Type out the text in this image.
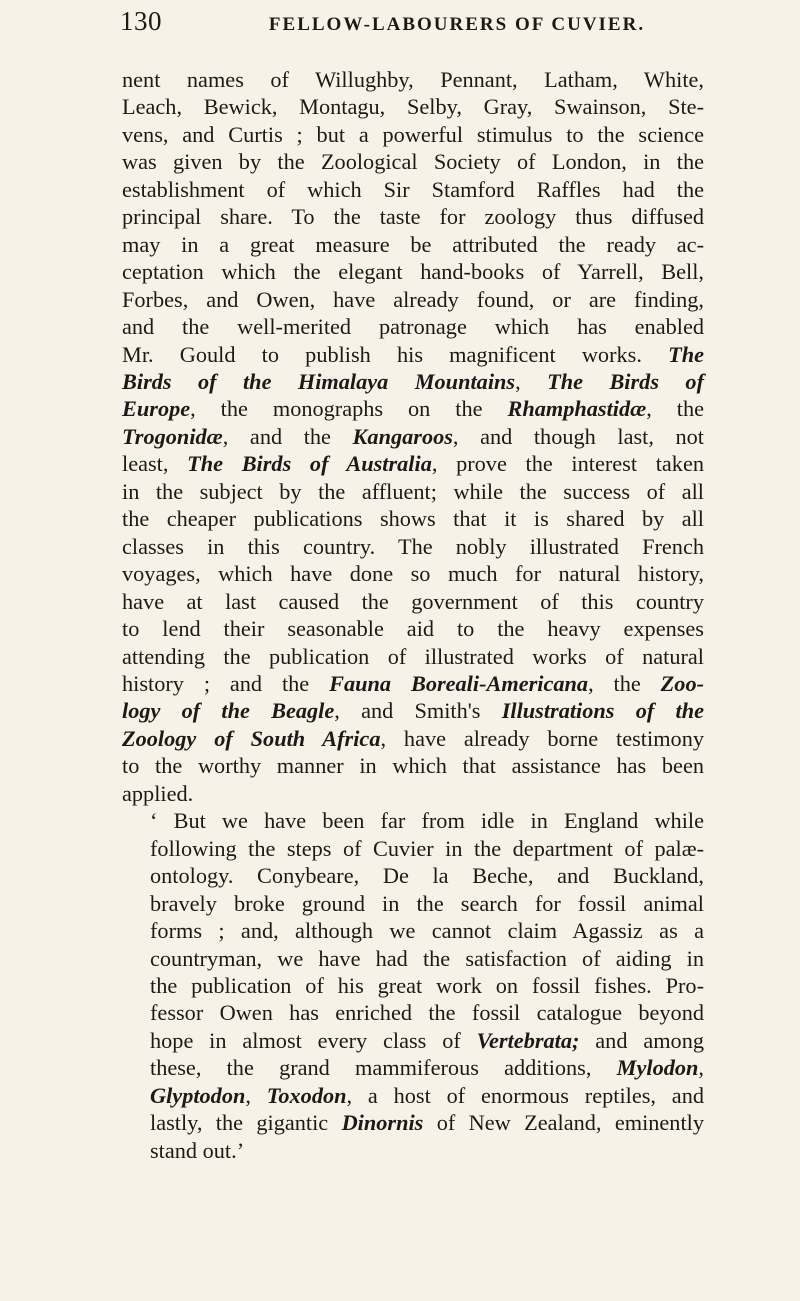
130	FELLOW-LABOURERS OF CUVIER.

nent names of Willughby, Pennant, Latham, White,
Leach, Bewick, Montagu, Selby, Gray, Swainson, Ste-
vens, and Curtis ; but a powerful stimulus to the science
was given by the Zoological Society of London, in the
establishment of which Sir Stamford Raffles had the
principal share. To the taste for zoology thus diffused
may in a great measure be attributed the ready ac-
ceptation which the elegant hand-books of Yarrell, Bell,
Forbes, and Owen, have already found, or are finding,
and the well-merited patronage which has enabled
Mr. Gould to publish his magnificent works. The
Birds of the Himalaya Mountains, The Birds of
Europe, the monographs on the Rhamphastidæ, the
Trogonidæ, and the Kangaroos, and though last, not
least, The Birds of Australia, prove the interest taken
in the subject by the affluent; while the success of all
the cheaper publications shows that it is shared by all
classes in this country. The nobly illustrated French
voyages, which have done so much for natural history,
have at last caused the government of this country
to lend their seasonable aid to the heavy expenses
attending the publication of illustrated works of natural
history ; and the Fauna Boreali-Americana, the Zoo-
logy of the Beagle, and Smith's Illustrations of the
Zoology of South Africa, have already borne testimony
to the worthy manner in which that assistance has been
applied.

‘ But we have been far from idle in England while
following the steps of Cuvier in the department of palæ-
ontology. Conybeare, De la Beche, and Buckland,
bravely broke ground in the search for fossil animal
forms ; and, although we cannot claim Agassiz as a
countryman, we have had the satisfaction of aiding in
the publication of his great work on fossil fishes. Pro-
fessor Owen has enriched the fossil catalogue beyond
hope in almost every class of Vertebrata; and among
these, the grand mammiferous additions, Mylodon,
Glyptodon, Toxodon, a host of enormous reptiles, and
lastly, the gigantic Dinornis of New Zealand, eminently
stand out.’
